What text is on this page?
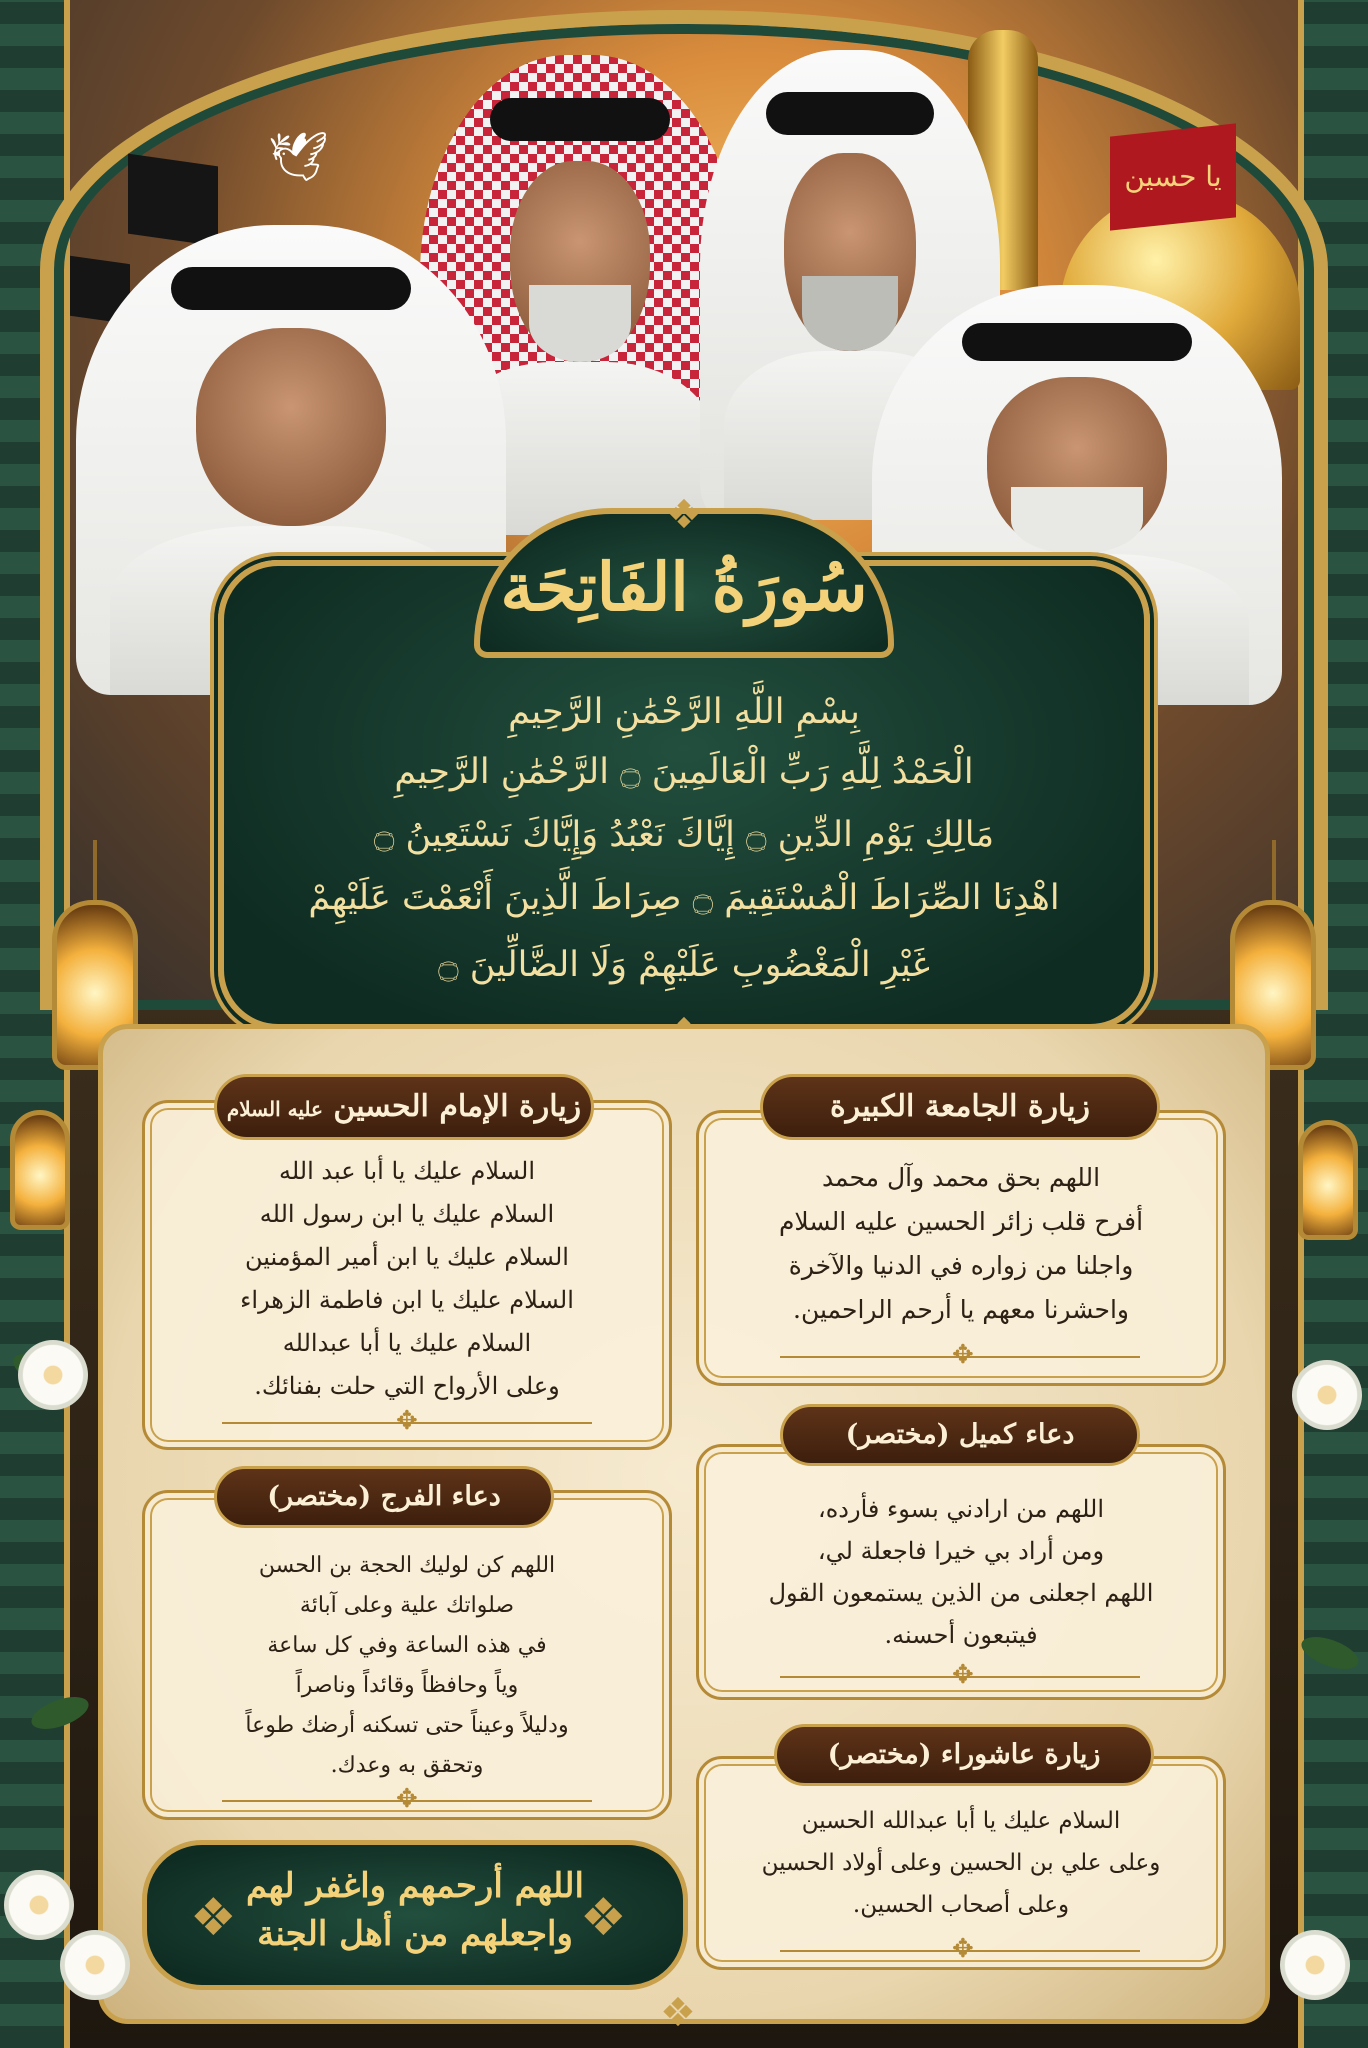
يا حسين
🕊
❖
سُورَةُ الفَاتِحَة
بِسْمِ اللَّهِ الرَّحْمَٰنِ الرَّحِيمِ
الْحَمْدُ لِلَّهِ رَبِّ الْعَالَمِينَ ۝ الرَّحْمَٰنِ الرَّحِيمِ
مَالِكِ يَوْمِ الدِّينِ ۝ إِيَّاكَ نَعْبُدُ وَإِيَّاكَ نَسْتَعِينُ ۝
اهْدِنَا الصِّرَاطَ الْمُسْتَقِيمَ ۝ صِرَاطَ الَّذِينَ أَنْعَمْتَ عَلَيْهِمْ
غَيْرِ الْمَغْضُوبِ عَلَيْهِمْ وَلَا الضَّالِّينَ ۝
زيارة الإمام الحسين عليه السلام
السلام عليك يا أبا عبد الله
السلام عليك يا ابن رسول الله
السلام عليك يا ابن أمير المؤمنين
السلام عليك يا ابن فاطمة الزهراء
السلام عليك يا أبا عبدالله
وعلى الأرواح التي حلت بفنائك.
✥
زيارة الجامعة الكبيرة
اللهم بحق محمد وآل محمد
أفرح قلب زائر الحسين عليه السلام
واجلنا من زواره في الدنيا والآخرة
واحشرنا معهم يا أرحم الراحمين.
✥
دعاء الفرج (مختصر)
اللهم كن لوليك الحجة بن الحسن
صلواتك علية وعلى آبائة
في هذه الساعة وفي كل ساعة
وياً وحافظاً وقائداً وناصراً
ودليلاً وعيناً حتى تسكنه أرضك طوعاً
وتحقق به وعدك.
✥
دعاء كميل (مختصر)
اللهم من ارادني بسوء فأرده،
ومن أراد بي خيرا فاجعلة لي،
اللهم اجعلنى من الذين يستمعون القول
فيتبعون أحسنه.
✥
زيارة عاشوراء (مختصر)
السلام عليك يا أبا عبدالله الحسين
وعلى علي بن الحسين وعلى أولاد الحسين
وعلى أصحاب الحسين.
✥
❖	❖
اللهم أرحمهم واغفر لهم
واجعلهم من أهل الجنة
❖
